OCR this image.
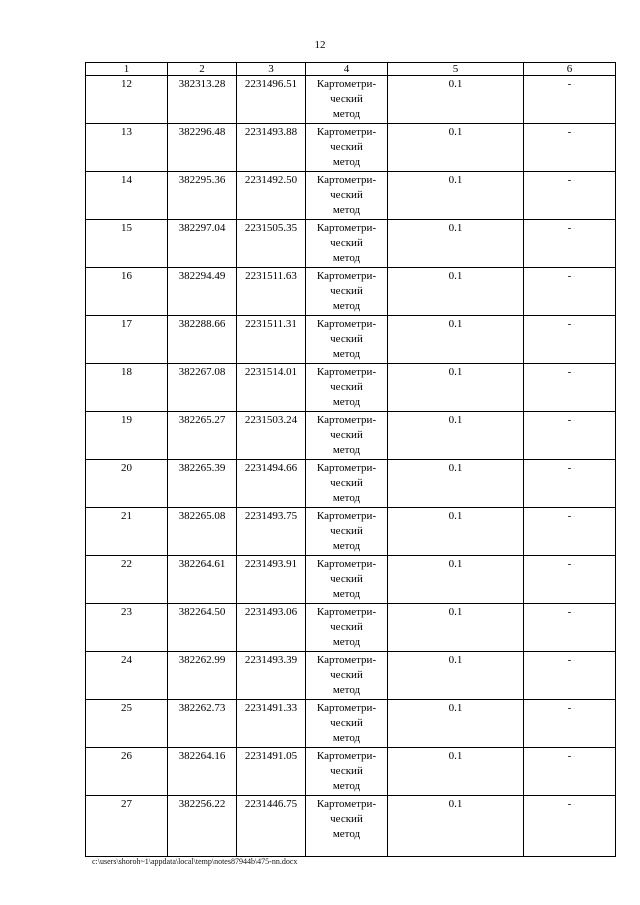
12
1	2	3	4	5	6
12	382313.28	2231496.51	Картометри-
ческий
метод	0.1	-
13	382296.48	2231493.88	Картометри-
ческий
метод	0.1	-
14	382295.36	2231492.50	Картометри-
ческий
метод	0.1	-
15	382297.04	2231505.35	Картометри-
ческий
метод	0.1	-
16	382294.49	2231511.63	Картометри-
ческий
метод	0.1	-
17	382288.66	2231511.31	Картометри-
ческий
метод	0.1	-
18	382267.08	2231514.01	Картометри-
ческий
метод	0.1	-
19	382265.27	2231503.24	Картометри-
ческий
метод	0.1	-
20	382265.39	2231494.66	Картометри-
ческий
метод	0.1	-
21	382265.08	2231493.75	Картометри-
ческий
метод	0.1	-
22	382264.61	2231493.91	Картометри-
ческий
метод	0.1	-
23	382264.50	2231493.06	Картометри-
ческий
метод	0.1	-
24	382262.99	2231493.39	Картометри-
ческий
метод	0.1	-
25	382262.73	2231491.33	Картометри-
ческий
метод	0.1	-
26	382264.16	2231491.05	Картометри-
ческий
метод	0.1	-
27	382256.22	2231446.75	Картометри-
ческий
метод	0.1	-
c:\users\shoroh~1\appdata\local\temp\notes87944b\475-nn.docx
